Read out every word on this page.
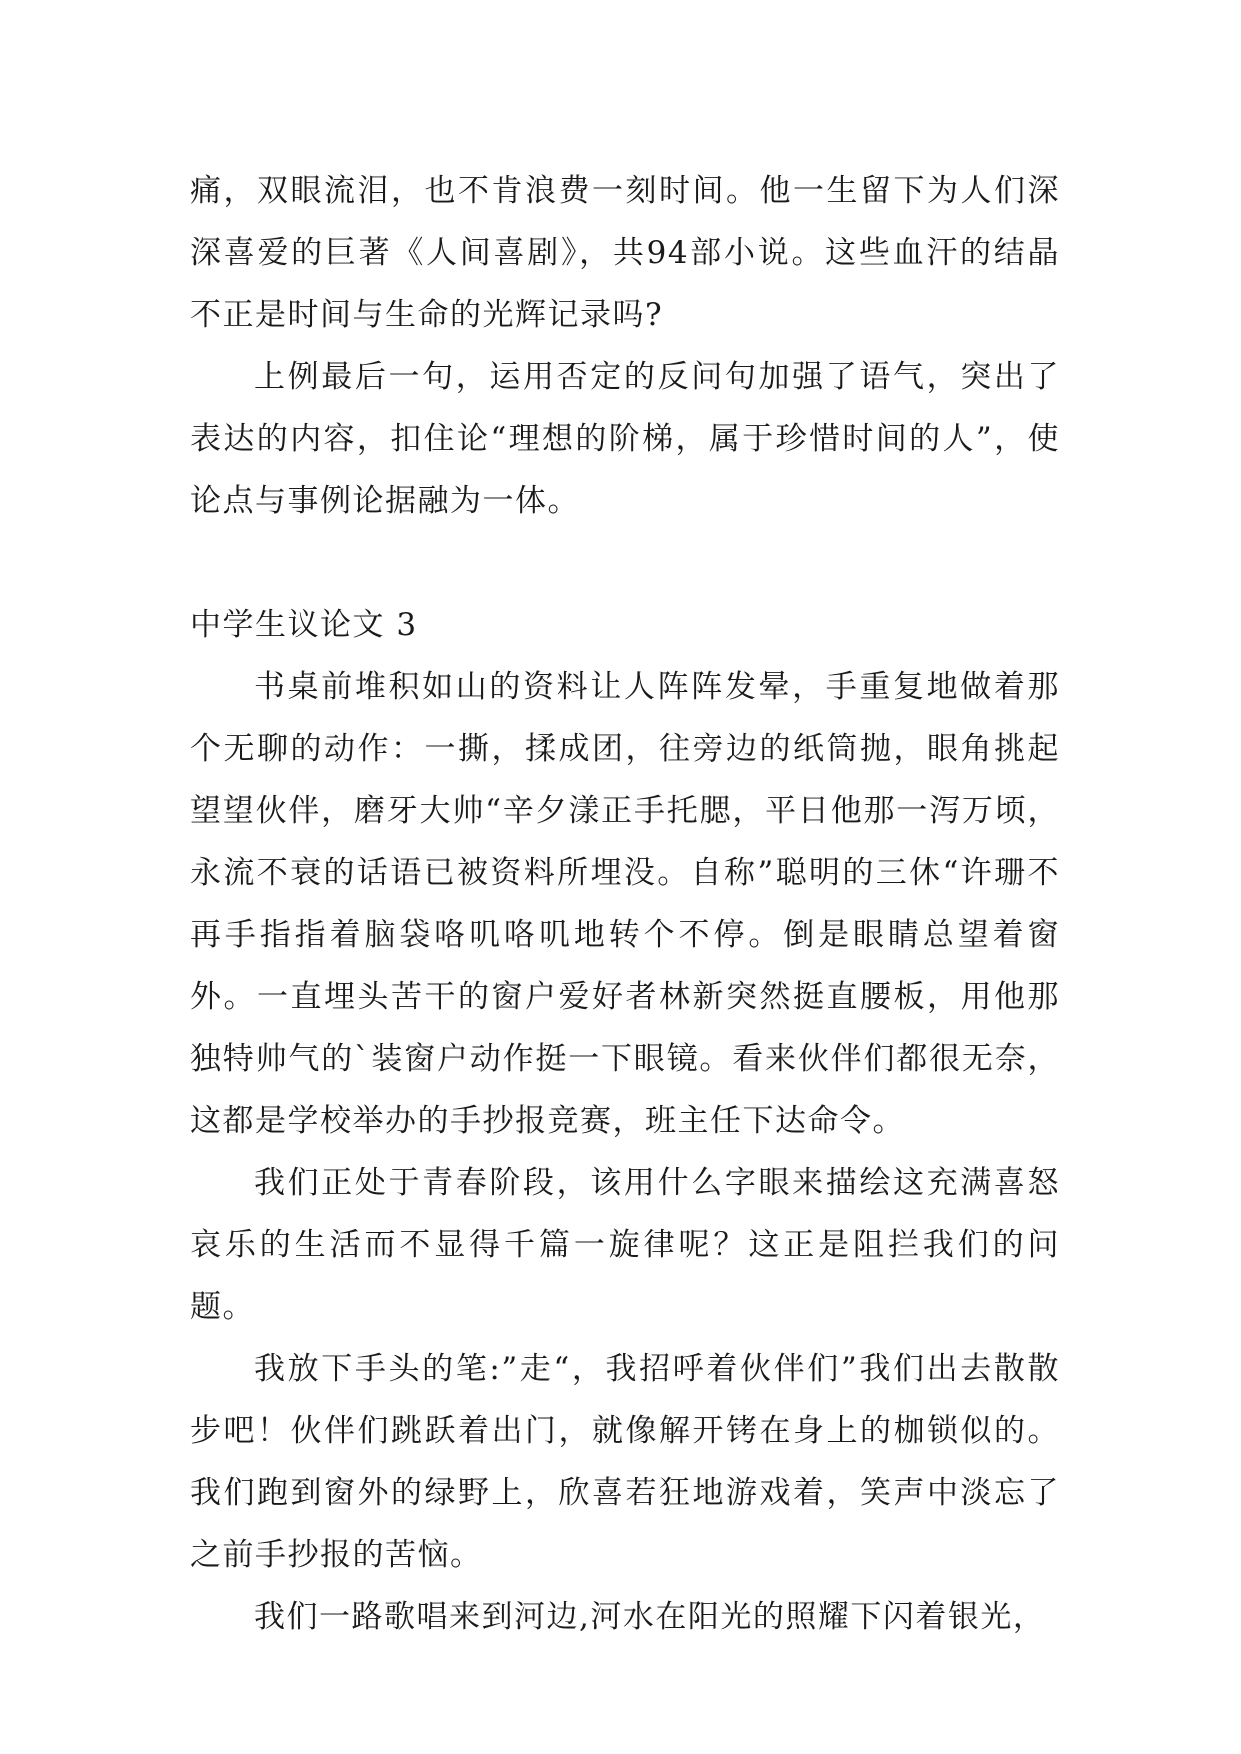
痛，双眼流泪，也不肯浪费一刻时间。他一生留下为人们深深喜爱的巨著《人间喜剧》，共94部小说。这些血汗的结晶不正是时间与生命的光辉记录吗?

上例最后一句，运用否定的反问句加强了语气，突出了表达的内容，扣住论“理想的阶梯，属于珍惜时间的人”，使论点与事例论据融为一体。

中学生议论文 3

书桌前堆积如山的资料让人阵阵发晕，手重复地做着那个无聊的动作：一撕，揉成团，往旁边的纸筒抛，眼角挑起望望伙伴，磨牙大帅“辛夕漾正手托腮，平日他那一泻万顷，永流不衰的话语已被资料所埋没。自称”聪明的三休“许珊不再手指指着脑袋咯叽咯叽地转个不停。倒是眼睛总望着窗外。一直埋头苦干的窗户爱好者林新突然挺直腰板，用他那独特帅气的`装窗户动作挺一下眼镜。看来伙伴们都很无奈，这都是学校举办的手抄报竞赛，班主任下达命令。

我们正处于青春阶段，该用什么字眼来描绘这充满喜怒哀乐的生活而不显得千篇一旋律呢？这正是阻拦我们的问题。

我放下手头的笔:”走“，我招呼着伙伴们”我们出去散散步吧！伙伴们跳跃着出门，就像解开铐在身上的枷锁似的。我们跑到窗外的绿野上，欣喜若狂地游戏着，笑声中淡忘了之前手抄报的苦恼。

我们一路歌唱来到河边,河水在阳光的照耀下闪着银光，
